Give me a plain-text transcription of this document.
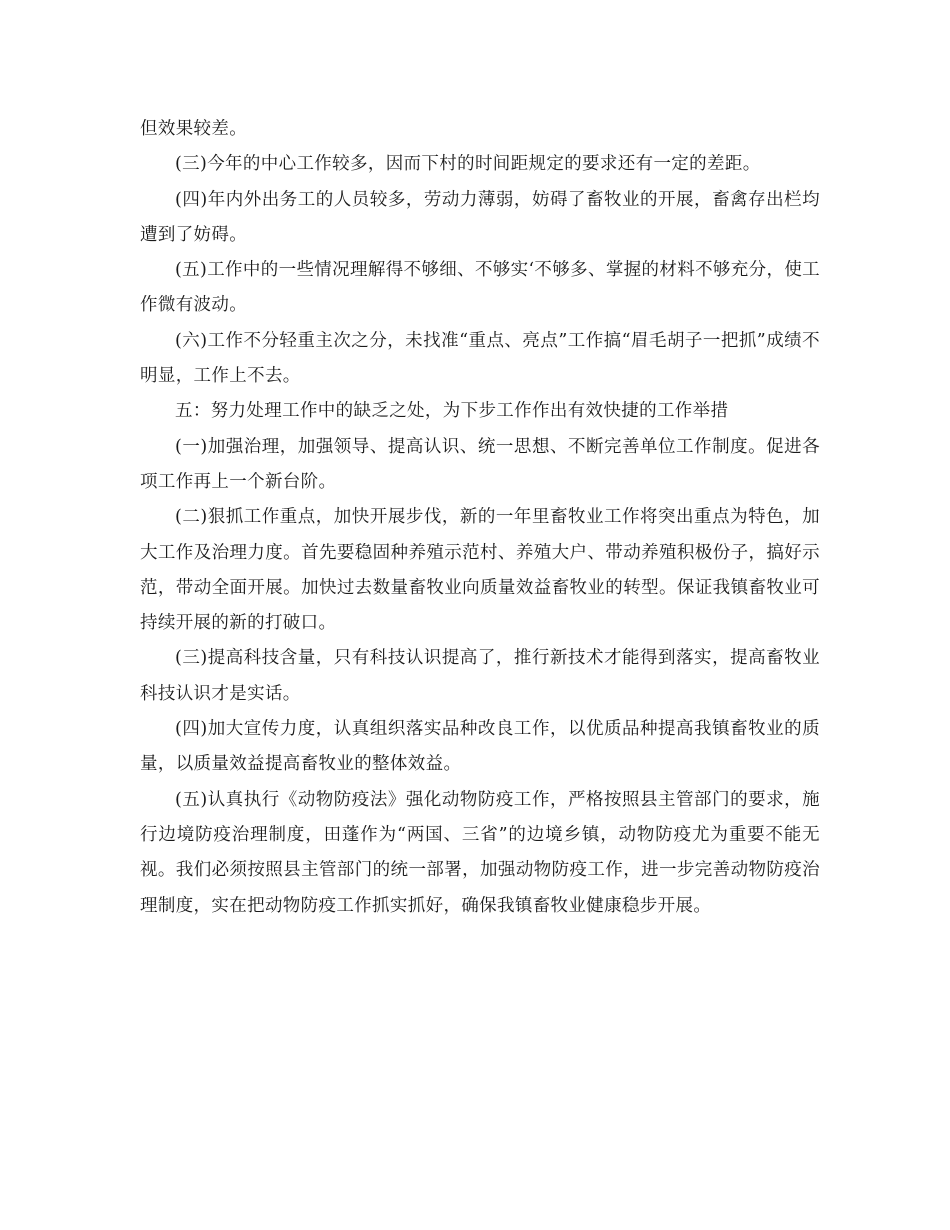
但效果较差。

(三)今年的中心工作较多，因而下村的时间距规定的要求还有一定的差距。

(四)年内外出务工的人员较多，劳动力薄弱，妨碍了畜牧业的开展，畜禽存出栏均遭到了妨碍。

(五)工作中的一些情况理解得不够细、不够实‘不够多、掌握的材料不够充分，使工作微有波动。

(六)工作不分轻重主次之分，未找准“重点、亮点”工作搞“眉毛胡子一把抓”成绩不明显，工作上不去。

五：努力处理工作中的缺乏之处，为下步工作作出有效快捷的工作举措

(一)加强治理，加强领导、提高认识、统一思想、不断完善单位工作制度。促进各项工作再上一个新台阶。

(二)狠抓工作重点，加快开展步伐，新的一年里畜牧业工作将突出重点为特色，加大工作及治理力度。首先要稳固种养殖示范村、养殖大户、带动养殖积极份子，搞好示范，带动全面开展。加快过去数量畜牧业向质量效益畜牧业的转型。保证我镇畜牧业可持续开展的新的打破口。

(三)提高科技含量，只有科技认识提高了，推行新技术才能得到落实，提高畜牧业科技认识才是实话。

(四)加大宣传力度，认真组织落实品种改良工作，以优质品种提高我镇畜牧业的质量，以质量效益提高畜牧业的整体效益。

(五)认真执行《动物防疫法》强化动物防疫工作，严格按照县主管部门的要求，施行边境防疫治理制度，田蓬作为“两国、三省”的边境乡镇，动物防疫尤为重要不能无视。我们必须按照县主管部门的统一部署，加强动物防疫工作，进一步完善动物防疫治理制度，实在把动物防疫工作抓实抓好，确保我镇畜牧业健康稳步开展。
